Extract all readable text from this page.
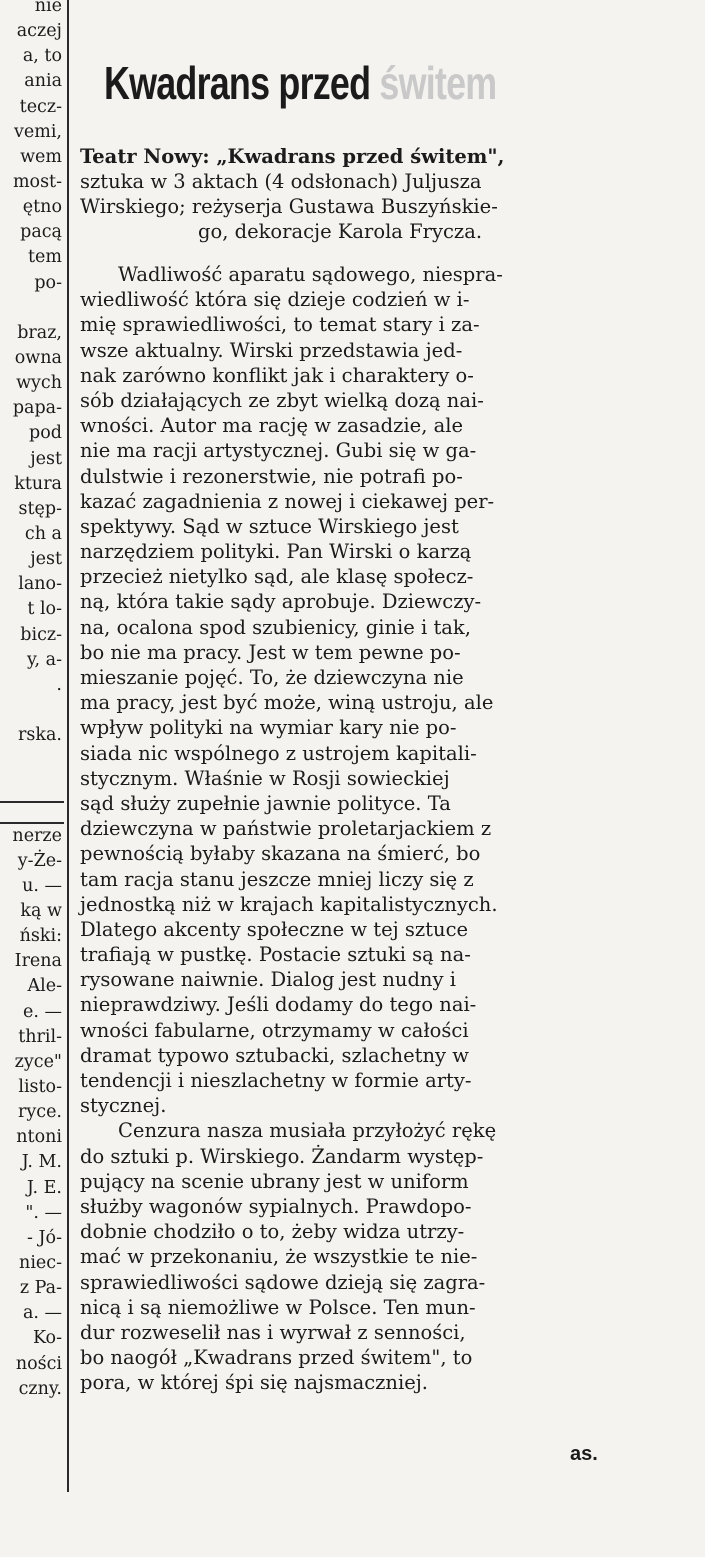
nie
aczej
a, to
ania
tecz-
vemi,
wem
most-
ętno
pacą
tem
po-
braz,
owna
wych
papa-
pod
jest
ktura
stęp-
ch a
jest
lano-
t lo-
bicz-
y, a-
.
rska.
nerze
y-Że-
u. —
ką w
ński:
Irena
Ale-
e. —
thril-
zyce"
listo-
ryce.
ntoni
J. M.
J. E.
". —
- Jó-
niec-
z Pa-
a. —
Ko-
ności
czny.
Kwadrans przed świtem

Teatr Nowy: „Kwadrans przed świtem",

sztuka w 3 aktach (4 odsłonach) Juljusza

Wirskiego; reżyserja Gustawa Buszyńskie-

go, dekoracje Karola Frycza.

Wadliwość aparatu sądowego, niespra-
wiedliwość która się dzieje codzień w i-
mię sprawiedliwości, to temat stary i za-
wsze aktualny. Wirski przedstawia jed-
nak zarówno konflikt jak i charaktery o-
sób działających ze zbyt wielką dozą nai-
wności. Autor ma rację w zasadzie, ale
nie ma racji artystycznej. Gubi się w ga-
dulstwie i rezonerstwie, nie potrafi po-
kazać zagadnienia z nowej i ciekawej per-
spektywy. Sąd w sztuce Wirskiego jest
narzędziem polityki. Pan Wirski o karzą
przecież nietylko sąd, ale klasę społecz-
ną, która takie sądy aprobuje. Dziewczy-
na, ocalona spod szubienicy, ginie i tak,
bo nie ma pracy. Jest w tem pewne po-
mieszanie pojęć. To, że dziewczyna nie
ma pracy, jest być może, winą ustroju, ale
wpływ polityki na wymiar kary nie po-
siada nic wspólnego z ustrojem kapitali-
stycznym. Właśnie w Rosji sowieckiej
sąd służy zupełnie jawnie polityce. Ta
dziewczyna w państwie proletarjackiem z
pewnością byłaby skazana na śmierć, bo
tam racja stanu jeszcze mniej liczy się z
jednostką niż w krajach kapitalistycznych.
Dlatego akcenty społeczne w tej sztuce
trafiają w pustkę. Postacie sztuki są na-
rysowane naiwnie. Dialog jest nudny i
nieprawdziwy. Jeśli dodamy do tego nai-
wności fabularne, otrzymamy w całości
dramat typowo sztubacki, szlachetny w
tendencji i nieszlachetny w formie arty-
stycznej.
Cenzura nasza musiała przyłożyć rękę
do sztuki p. Wirskiego. Żandarm występ-
pujący na scenie ubrany jest w uniform
służby wagonów sypialnych. Prawdopo-
dobnie chodziło o to, żeby widza utrzy-
mać w przekonaniu, że wszystkie te nie-
sprawiedliwości sądowe dzieją się zagra-
nicą i są niemożliwe w Polsce. Ten mun-
dur rozweselił nas i wyrwał z senności,
bo naogół „Kwadrans przed świtem", to
pora, w której śpi się najsmaczniej.
as.
